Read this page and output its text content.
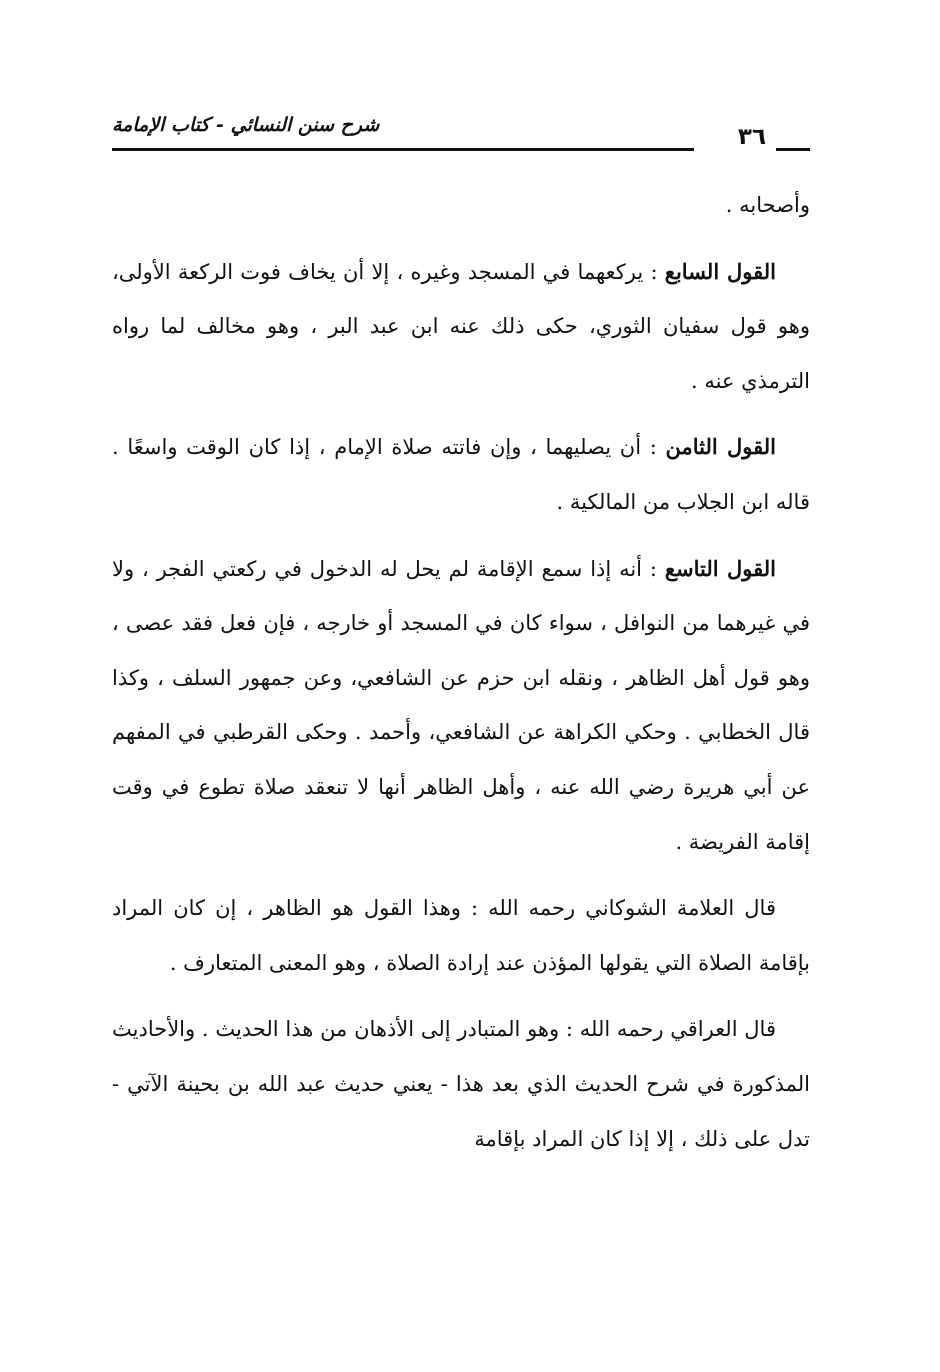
٣٦
شرح سنن النسائي - كتاب الإمامة

وأصحابه .

القول السابع : يركعهما في المسجد وغيره ، إلا أن يخاف فوت الركعة الأولى، وهو قول سفيان الثوري، حكى ذلك عنه ابن عبد البر ، وهو مخالف لما رواه الترمذي عنه .

القول الثامن : أن يصليهما ، وإن فاتته صلاة الإمام ، إذا كان الوقت واسعًا . قاله ابن الجلاب من المالكية .

القول التاسع : أنه إذا سمع الإقامة لم يحل له الدخول في ركعتي الفجر ، ولا في غيرهما من النوافل ، سواء كان في المسجد أو خارجه ، فإن فعل فقد عصى ، وهو قول أهل الظاهر ، ونقله ابن حزم عن الشافعي، وعن جمهور السلف ، وكذا قال الخطابي . وحكي الكراهة عن الشافعي، وأحمد . وحكى القرطبي في المفهم عن أبي هريرة رضي الله عنه ، وأهل الظاهر أنها لا تنعقد صلاة تطوع في وقت إقامة الفريضة .

قال العلامة الشوكاني رحمه الله : وهذا القول هو الظاهر ، إن كان المراد بإقامة الصلاة التي يقولها المؤذن عند إرادة الصلاة ، وهو المعنى المتعارف .

قال العراقي رحمه الله : وهو المتبادر إلى الأذهان من هذا الحديث . والأحاديث المذكورة في شرح الحديث الذي بعد هذا - يعني حديث عبد الله بن بحينة الآتي - تدل على ذلك ، إلا إذا كان المراد بإقامة
